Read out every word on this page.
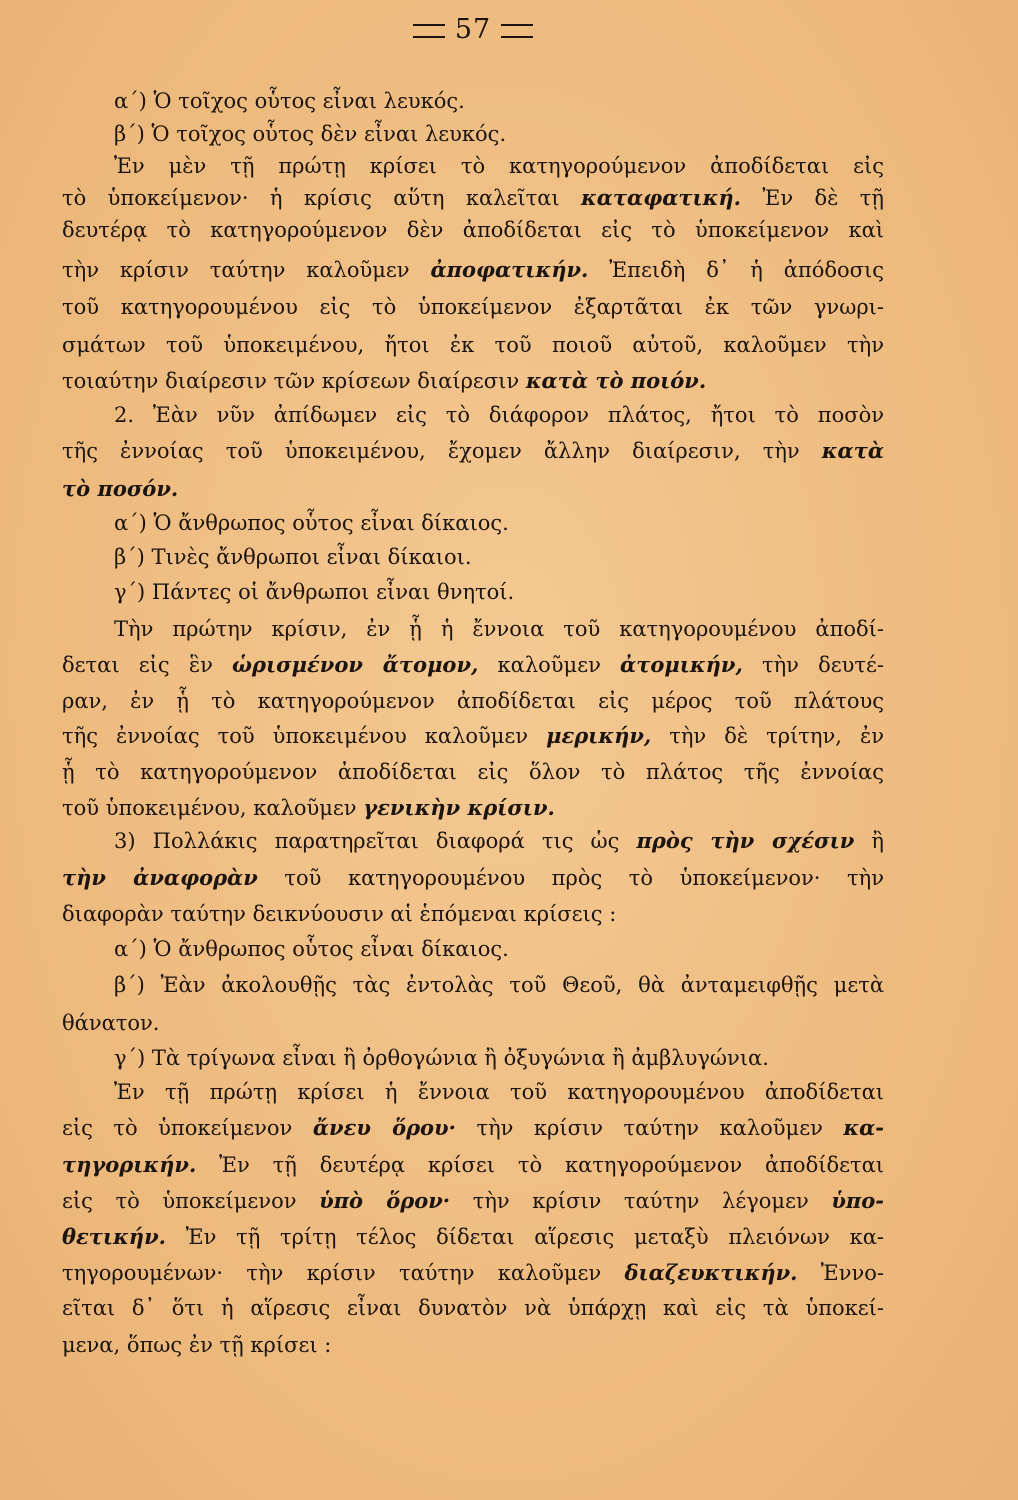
57
α΄) Ὁ τοῖχος οὗτος εἶναι λευκός.
β΄) Ὁ τοῖχος οὗτος δὲν εἶναι λευκός.
Ἐν μὲν τῇ πρώτῃ κρίσει τὸ κατηγορούμενον ἀποδίδεται εἰς
τὸ ὑποκείμενον· ἡ κρίσις αὕτη καλεῖται καταφατική. Ἐν δὲ τῇ
δευτέρᾳ τὸ κατηγορούμενον δὲν ἀποδίδεται εἰς τὸ ὑποκείμενον καὶ
τὴν κρίσιν ταύτην καλοῦμεν ἀποφατικήν. Ἐπειδὴ δ᾽ ἡ ἀπόδοσις
τοῦ κατηγορουμένου εἰς τὸ ὑποκείμενον ἐξαρτᾶται ἐκ τῶν γνωρι-
σμάτων τοῦ ὑποκειμένου, ἤτοι ἐκ τοῦ ποιοῦ αὐτοῦ, καλοῦμεν τὴν
τοιαύτην διαίρεσιν τῶν κρίσεων διαίρεσιν κατὰ τὸ ποιόν.
2. Ἐὰν νῦν ἀπίδωμεν εἰς τὸ διάφορον πλάτος, ἤτοι τὸ ποσὸν
τῆς ἐννοίας τοῦ ὑποκειμένου, ἔχομεν ἄλλην διαίρεσιν, τὴν κατὰ
τὸ ποσόν.
α΄) Ὁ ἄνθρωπος οὗτος εἶναι δίκαιος.
β΄) Τινὲς ἄνθρωποι εἶναι δίκαιοι.
γ΄) Πάντες οἱ ἄνθρωποι εἶναι θνητοί.
Τὴν πρώτην κρίσιν, ἐν ᾗ ἡ ἔννοια τοῦ κατηγορουμένου ἀποδί-
δεται εἰς ἓν ὡρισμένον ἄτομον, καλοῦμεν ἀτομικήν, τὴν δευτέ-
ραν, ἐν ᾗ τὸ κατηγορούμενον ἀποδίδεται εἰς μέρος τοῦ πλάτους
τῆς ἐννοίας τοῦ ὑποκειμένου καλοῦμεν μερικήν, τὴν δὲ τρίτην, ἐν
ᾗ τὸ κατηγορούμενον ἀποδίδεται εἰς ὅλον τὸ πλάτος τῆς ἐννοίας
τοῦ ὑποκειμένου, καλοῦμεν γενικὴν κρίσιν.
3) Πολλάκις παρατηρεῖται διαφορά τις ὡς πρὸς τὴν σχέσιν ἢ
τὴν ἀναφορὰν τοῦ κατηγορουμένου πρὸς τὸ ὑποκείμενον· τὴν
διαφορὰν ταύτην δεικνύουσιν αἱ ἑπόμεναι κρίσεις :
α΄) Ὁ ἄνθρωπος οὗτος εἶναι δίκαιος.
β΄) Ἐὰν ἀκολουθῇς τὰς ἐντολὰς τοῦ Θεοῦ, θὰ ἀνταμειφθῇς μετὰ
θάνατον.
γ΄) Τὰ τρίγωνα εἶναι ἢ ὀρθογώνια ἢ ὀξυγώνια ἢ ἀμβλυγώνια.
Ἐν τῇ πρώτῃ κρίσει ἡ ἔννοια τοῦ κατηγορουμένου ἀποδίδεται
εἰς τὸ ὑποκείμενον ἄνευ ὅρου· τὴν κρίσιν ταύτην καλοῦμεν κα-
τηγορικήν. Ἐν τῇ δευτέρᾳ κρίσει τὸ κατηγορούμενον ἀποδίδεται
εἰς τὸ ὑποκείμενον ὑπὸ ὅρον· τὴν κρίσιν ταύτην λέγομεν ὑπο-
θετικήν. Ἐν τῇ τρίτῃ τέλος δίδεται αἵρεσις μεταξὺ πλειόνων κα-
τηγορουμένων· τὴν κρίσιν ταύτην καλοῦμεν διαζευκτικήν. Ἐννο-
εῖται δ᾽ ὅτι ἡ αἵρεσις εἶναι δυνατὸν νὰ ὑπάρχῃ καὶ εἰς τὰ ὑποκεί-
μενα, ὅπως ἐν τῇ κρίσει :
